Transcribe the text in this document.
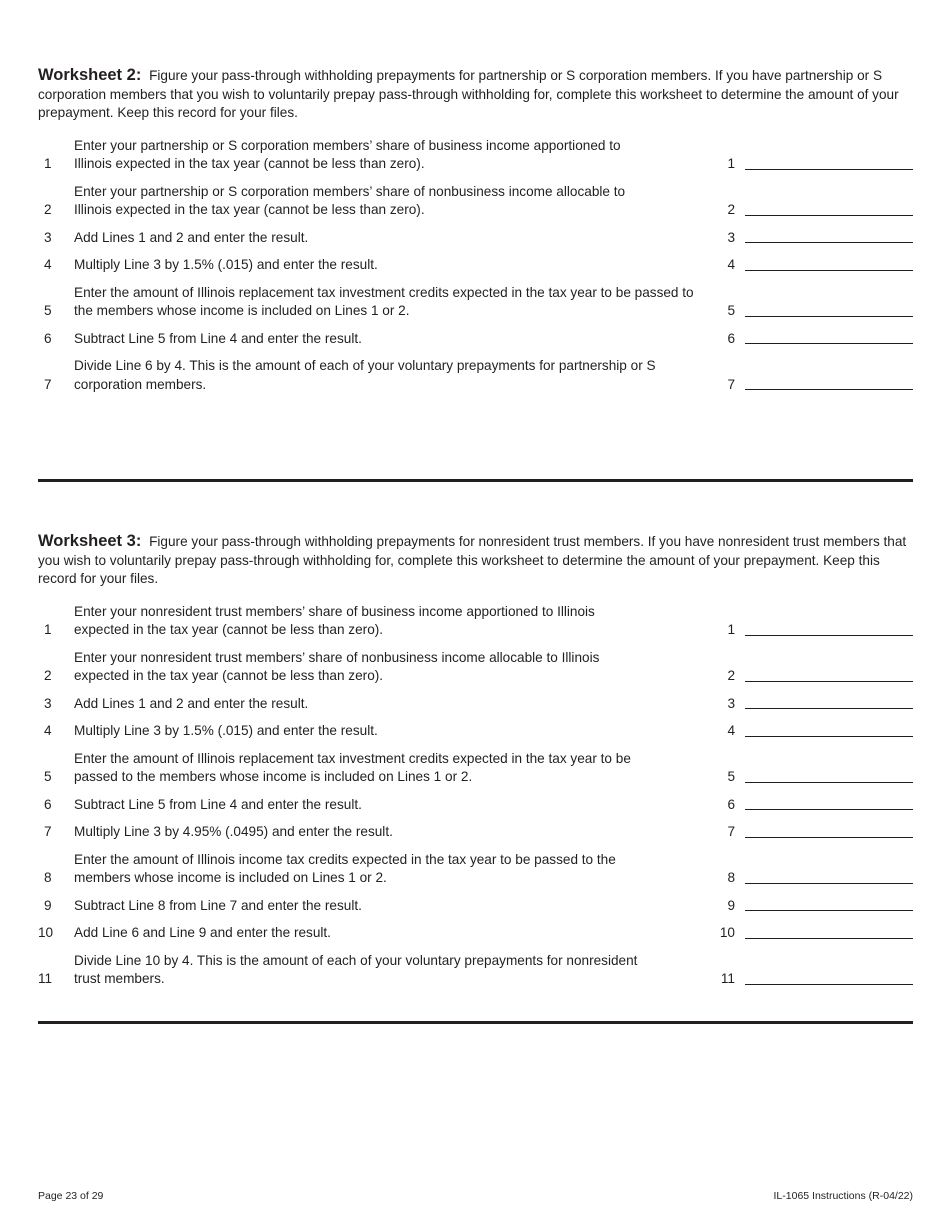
Worksheet 2: Figure your pass-through withholding prepayments for partnership or S corporation members. If you have partnership or S corporation members that you wish to voluntarily prepay pass-through withholding for, complete this worksheet to determine the amount of your prepayment. Keep this record for your files.

1
Enter your partnership or S corporation members’ share of business income apportioned to Illinois expected in the tax year (cannot be less than zero).	1
2
Enter your partnership or S corporation members’ share of nonbusiness income allocable to Illinois expected in the tax year (cannot be less than zero).	2
3	Add Lines 1 and 2 and enter the result.	3
4	Multiply Line 3 by 1.5% (.015) and enter the result.	4
5
Enter the amount of Illinois replacement tax investment credits expected in the tax year to be passed to the members whose income is included on Lines 1 or 2.	5
6	Subtract Line 5 from Line 4 and enter the result.	6
7
Divide Line 6 by 4. This is the amount of each of your voluntary prepayments for partnership or S corporation members.	7

Worksheet 3: Figure your pass-through withholding prepayments for nonresident trust members. If you have nonresident trust members that you wish to voluntarily prepay pass-through withholding for, complete this worksheet to determine the amount of your prepayment. Keep this record for your files.

1
Enter your nonresident trust members’ share of business income apportioned to Illinois expected in the tax year (cannot be less than zero).	1
2
Enter your nonresident trust members’ share of nonbusiness income allocable to Illinois expected in the tax year (cannot be less than zero).	2
3	Add Lines 1 and 2 and enter the result.	3
4	Multiply Line 3 by 1.5% (.015) and enter the result.	4
5
Enter the amount of Illinois replacement tax investment credits expected in the tax year to be passed to the members whose income is included on Lines 1 or 2.	5
6	Subtract Line 5 from Line 4 and enter the result.	6
7	Multiply Line 3 by 4.95% (.0495) and enter the result.	7
8
Enter the amount of Illinois income tax credits expected in the tax year to be passed to the members whose income is included on Lines 1 or 2.	8
9	Subtract Line 8 from Line 7 and enter the result.	9
10	Add Line 6 and Line 9 and enter the result.	10
11
Divide Line 10 by 4. This is the amount of each of your voluntary prepayments for nonresident trust members.	11
Page 23 of 29	IL-1065 Instructions (R-04/22)
